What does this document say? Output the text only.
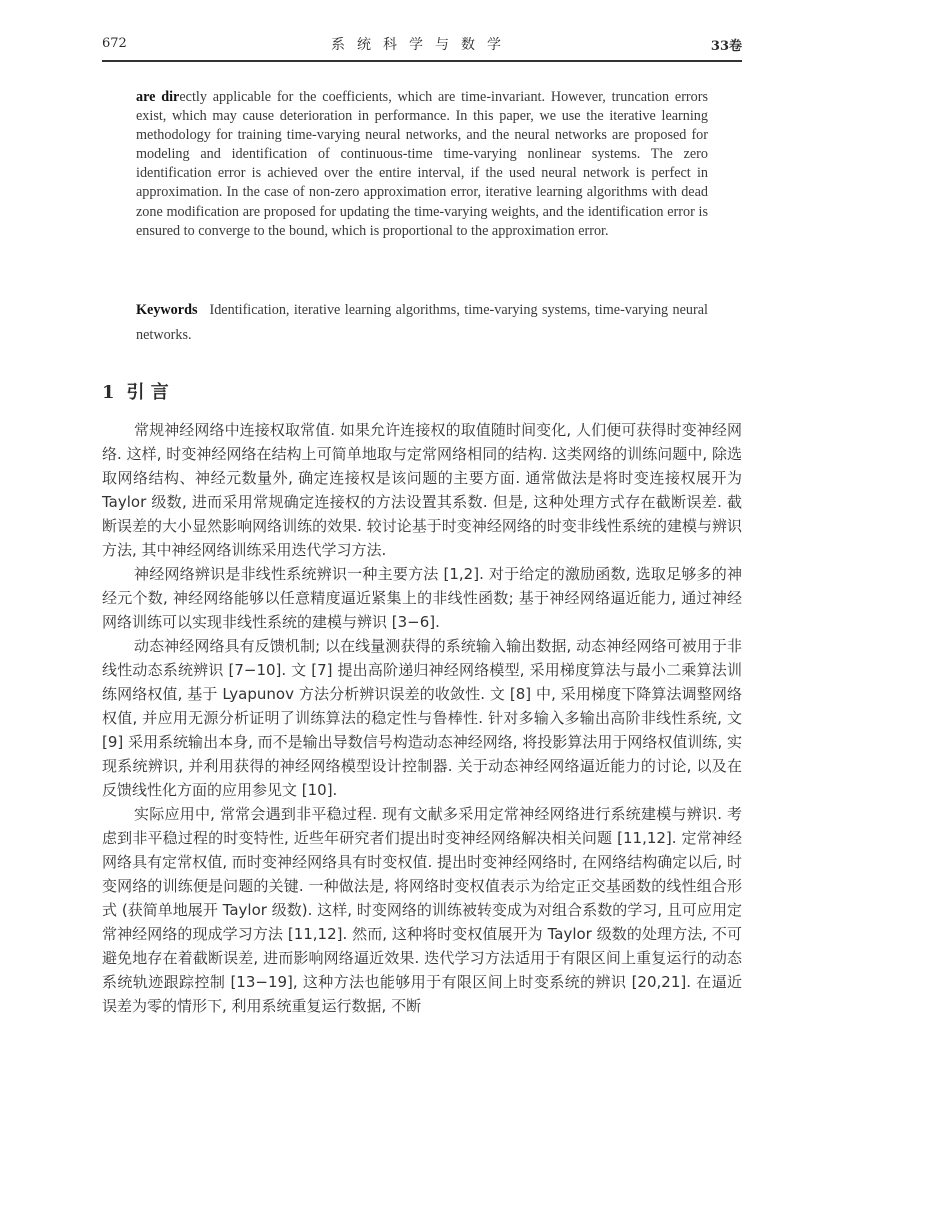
672	系统科学与数学	33卷
are directly applicable for the coefficients, which are time-invariant. However, truncation errors exist, which may cause deterioration in performance. In this paper, we use the iterative learning methodology for training time-varying neural networks, and the neural networks are proposed for modeling and identification of continuous-time time-varying nonlinear systems. The zero identification error is achieved over the entire interval, if the used neural network is perfect in approximation. In the case of non-zero approximation error, iterative learning algorithms with dead zone modification are proposed for updating the time-varying weights, and the identification error is ensured to converge to the bound, which is proportional to the approximation error.
Keywords Identification, iterative learning algorithms, time-varying systems, time-varying neural networks.
1 引 言

常规神经网络中连接权取常值. 如果允许连接权的取值随时间变化, 人们便可获得时变神经网络. 这样, 时变神经网络在结构上可简单地取与定常网络相同的结构. 这类网络的训练问题中, 除选取网络结构、神经元数量外, 确定连接权是该问题的主要方面. 通常做法是将时变连接权展开为 Taylor 级数, 进而采用常规确定连接权的方法设置其系数. 但是, 这种处理方式存在截断误差. 截断误差的大小显然影响网络训练的效果. 较讨论基于时变神经网络的时变非线性系统的建模与辨识方法, 其中神经网络训练采用迭代学习方法.

神经网络辨识是非线性系统辨识一种主要方法 [1,2]. 对于给定的激励函数, 选取足够多的神经元个数, 神经网络能够以任意精度逼近紧集上的非线性函数; 基于神经网络逼近能力, 通过神经网络训练可以实现非线性系统的建模与辨识 [3−6].

动态神经网络具有反馈机制; 以在线量测获得的系统输入输出数据, 动态神经网络可被用于非线性动态系统辨识 [7−10]. 文 [7] 提出高阶递归神经网络模型, 采用梯度算法与最小二乘算法训练网络权值, 基于 Lyapunov 方法分析辨识误差的收敛性. 文 [8] 中, 采用梯度下降算法调整网络权值, 并应用无源分析证明了训练算法的稳定性与鲁棒性. 针对多输入多输出高阶非线性系统, 文 [9] 采用系统输出本身, 而不是输出导数信号构造动态神经网络, 将投影算法用于网络权值训练, 实现系统辨识, 并利用获得的神经网络模型设计控制器. 关于动态神经网络逼近能力的讨论, 以及在反馈线性化方面的应用参见文 [10].

实际应用中, 常常会遇到非平稳过程. 现有文献多采用定常神经网络进行系统建模与辨识. 考虑到非平稳过程的时变特性, 近些年研究者们提出时变神经网络解决相关问题 [11,12]. 定常神经网络具有定常权值, 而时变神经网络具有时变权值. 提出时变神经网络时, 在网络结构确定以后, 时变网络的训练便是问题的关键. 一种做法是, 将网络时变权值表示为给定正交基函数的线性组合形式 (获简单地展开 Taylor 级数). 这样, 时变网络的训练被转变成为对组合系数的学习, 且可应用定常神经网络的现成学习方法 [11,12]. 然而, 这种将时变权值展开为 Taylor 级数的处理方法, 不可避免地存在着截断误差, 进而影响网络逼近效果. 迭代学习方法适用于有限区间上重复运行的动态系统轨迹跟踪控制 [13−19], 这种方法也能够用于有限区间上时变系统的辨识 [20,21]. 在逼近误差为零的情形下, 利用系统重复运行数据, 不断
